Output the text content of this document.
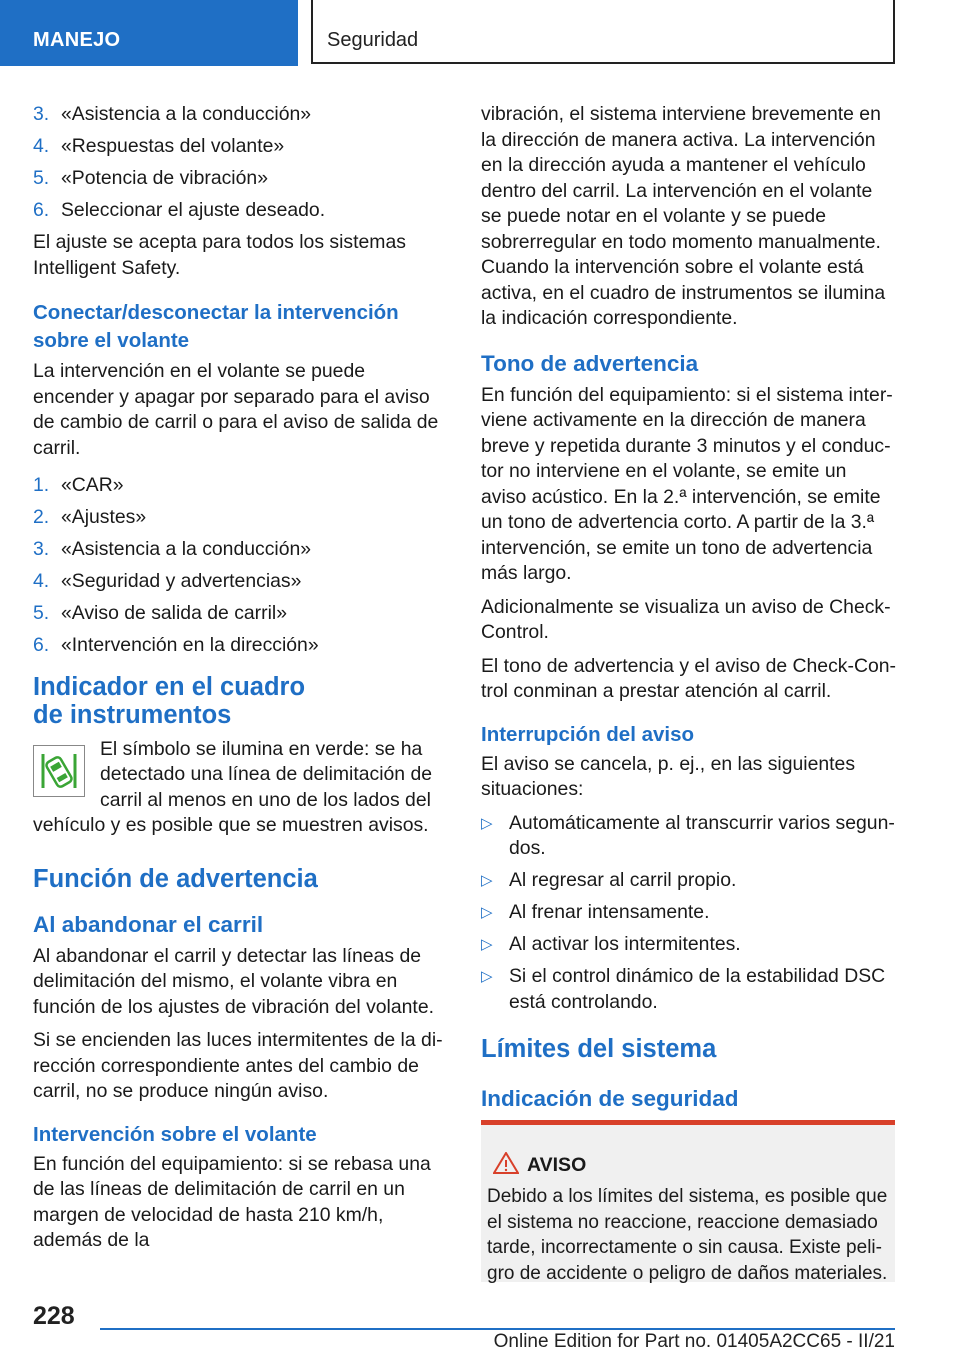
MANEJO	Seguridad
3. «Asistencia a la conducción»
4. «Respuestas del volante»
5. «Potencia de vibración»
6. Seleccionar el ajuste deseado.

El ajuste se acepta para todos los sistemas Intelligent Safety.

Conectar/desconectar la intervención sobre el volante

La intervención en el volante se puede encender y apagar por separado para el aviso de cambio de carril o para el aviso de salida de carril.

1. «CAR»
2. «Ajustes»
3. «Asistencia a la conducción»
4. «Seguridad y advertencias»
5. «Aviso de salida de carril»
6. «Intervención en la dirección»
Indicador en el cuadro
de instrumentos

El símbolo se ilumina en verde: se ha detectado una línea de delimitación de carril al menos en uno de los lados del vehículo y es posible que se muestren avisos.

Función de advertencia
Al abandonar el carril

Al abandonar el carril y detectar las líneas de delimitación del mismo, el volante vibra en función de los ajustes de vibración del volante.

Si se encienden las luces intermitentes de la dirección correspondiente antes del cambio de carril, no se produce ningún aviso.

Intervención sobre el volante

En función del equipamiento: si se rebasa una de las líneas de delimitación de carril en un margen de velocidad de hasta 210 km/h, además de la

vibración, el sistema interviene brevemente en la dirección de manera activa. La intervención en la dirección ayuda a mantener el vehículo dentro del carril. La intervención en el volante se puede notar en el volante y se puede sobrerregular en todo momento manualmente. Cuando la intervención sobre el volante está activa, en el cuadro de instrumentos se ilumina la indicación correspondiente.

Tono de advertencia

En función del equipamiento: si el sistema interviene activamente en la dirección de manera breve y repetida durante 3 minutos y el conductor no interviene en el volante, se emite un aviso acústico. En la 2.ª intervención, se emite un tono de advertencia corto. A partir de la 3.ª intervención, se emite un tono de advertencia más largo.

Adicionalmente se visualiza un aviso de Check-Control.

El tono de advertencia y el aviso de Check-Control conminan a prestar atención al carril.

Interrupción del aviso

El aviso se cancela, p. ej., en las siguientes situaciones:

▷ Automáticamente al transcurrir varios segundos.
▷ Al regresar al carril propio.
▷ Al frenar intensamente.
▷ Al activar los intermitentes.
▷ Si el control dinámico de la estabilidad DSC está controlando.
Límites del sistema
Indicación de seguridad
AVISO

Debido a los límites del sistema, es posible que el sistema no reaccione, reaccione demasiado tarde, incorrectamente o sin causa. Existe peligro de accidente o peligro de daños materiales.

228
Online Edition for Part no. 01405A2CC65 - II/21
